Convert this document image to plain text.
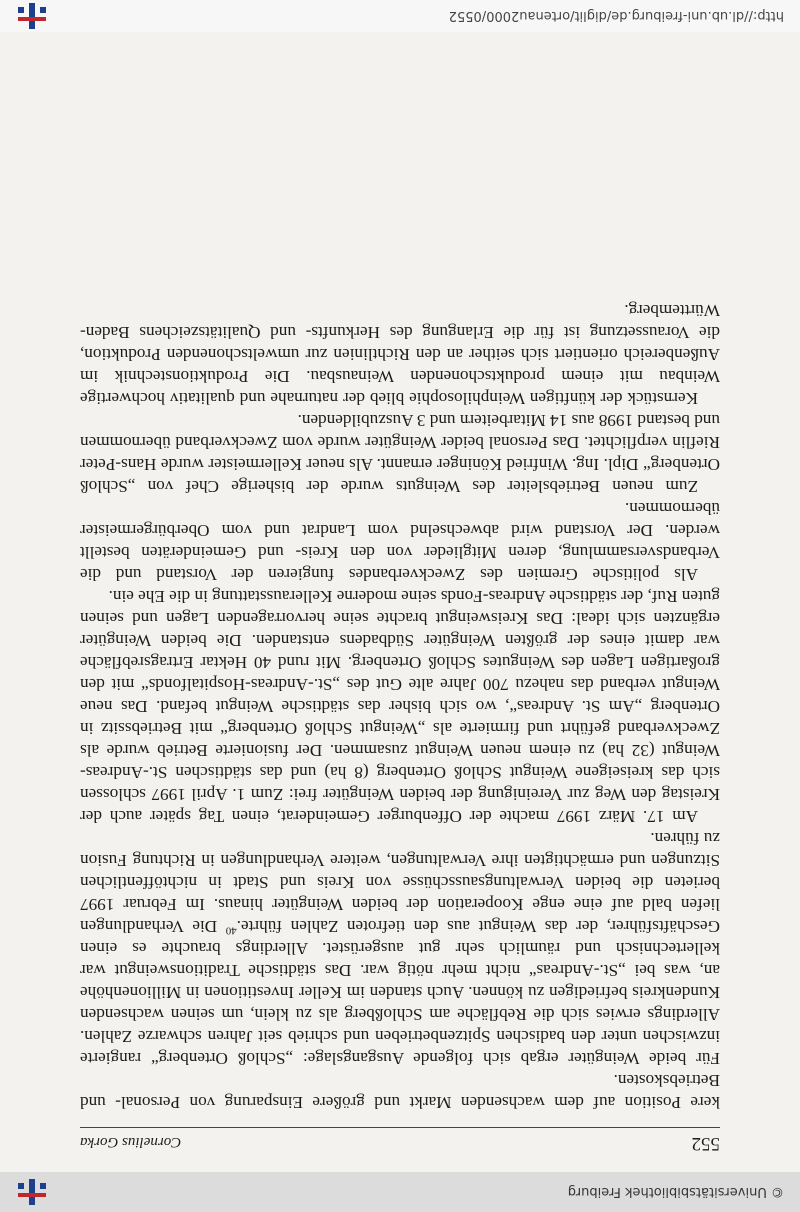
© Universitätsbibliothek Freiburg
552
Cornelius Gorka

kere Position auf dem wachsenden Markt und größere Einsparung von Personal- und Betriebskosten.

Für beide Weingüter ergab sich folgende Ausgangslage: „Schloß Ortenberg“ rangierte inzwischen unter den badischen Spitzenbetrieben und schrieb seit Jahren schwarze Zahlen. Allerdings erwies sich die Rebfläche am Schloßberg als zu klein, um seinen wachsenden Kundenkreis befriedigen zu können. Auch standen im Keller Investitionen in Millionenhöhe an, was bei „St.-Andreas“ nicht mehr nötig war. Das städtische Traditionsweingut war kellertechnisch und räumlich sehr gut ausgerüstet. Allerdings brauchte es einen Geschäftsführer, der das Weingut aus den tiefroten Zahlen führte.$^{40}$ Die Verhandlungen liefen bald auf eine enge Kooperation der beiden Weingüter hinaus. Im Februar 1997 berieten die beiden Verwaltungsausschüsse von Kreis und Stadt in nichtöffentlichen Sitzungen und ermächtigten ihre Verwaltungen, weitere Verhandlungen in Richtung Fusion zu führen.

Am 17. März 1997 machte der Offenburger Gemeinderat, einen Tag später auch der Kreistag den Weg zur Vereinigung der beiden Weingüter frei: Zum 1. April 1997 schlossen sich das kreiseigene Weingut Schloß Ortenberg (8 ha) und das städtischen St.-Andreas-Weingut (32 ha) zu einem neuen Weingut zusammen. Der fusionierte Betrieb wurde als Zweckverband geführt und firmierte als „Weingut Schloß Ortenberg“ mit Betriebssitz in Ortenberg „Am St. Andreas“, wo sich bisher das städtische Weingut befand. Das neue Weingut verband das nahezu 700 Jahre alte Gut des „St.-Andreas-Hospitalfonds“ mit den großartigen Lagen des Weingutes Schloß Ortenberg. Mit rund 40 Hektar Ertragsrebfläche war damit eines der größten Weingüter Südbadens entstanden. Die beiden Weingüter ergänzten sich ideal: Das Kreisweingut brachte seine hervorragenden Lagen und seinen guten Ruf, der städtische Andreas-Fonds seine moderne Kellerausstattung in die Ehe ein.

Als politische Gremien des Zweckverbandes fungieren der Vorstand und die Verbandsversammlung, deren Mitglieder von den Kreis- und Gemeinderäten bestellt werden. Der Vorstand wird abwechselnd vom Landrat und vom Oberbürgermeister übernommen.

Zum neuen Betriebsleiter des Weinguts wurde der bisherige Chef von „Schloß Ortenberg“ Dipl. Ing. Winfried Köninger ernannt. Als neuer Kellermeister wurde Hans-Peter Rieflin verpflichtet. Das Personal beider Weingüter wurde vom Zweckverband übernommen und bestand 1998 aus 14 Mitarbeitern und 3 Auszubildenden.

Kernstück der künftigen Weinphilosophie blieb der naturnahe und qualitativ hochwertige Weinbau mit einem produktschonenden Weinausbau. Die Produktionstechnik im Außenbereich orientiert sich seither an den Richtlinien zur umweltschonenden Produktion, die Voraussetzung ist für die Erlangung des Herkunfts- und Qualitätszeichens Baden-Württemberg.

http://dl.ub.uni-freiburg.de/diglit/ortenau2000/0552
